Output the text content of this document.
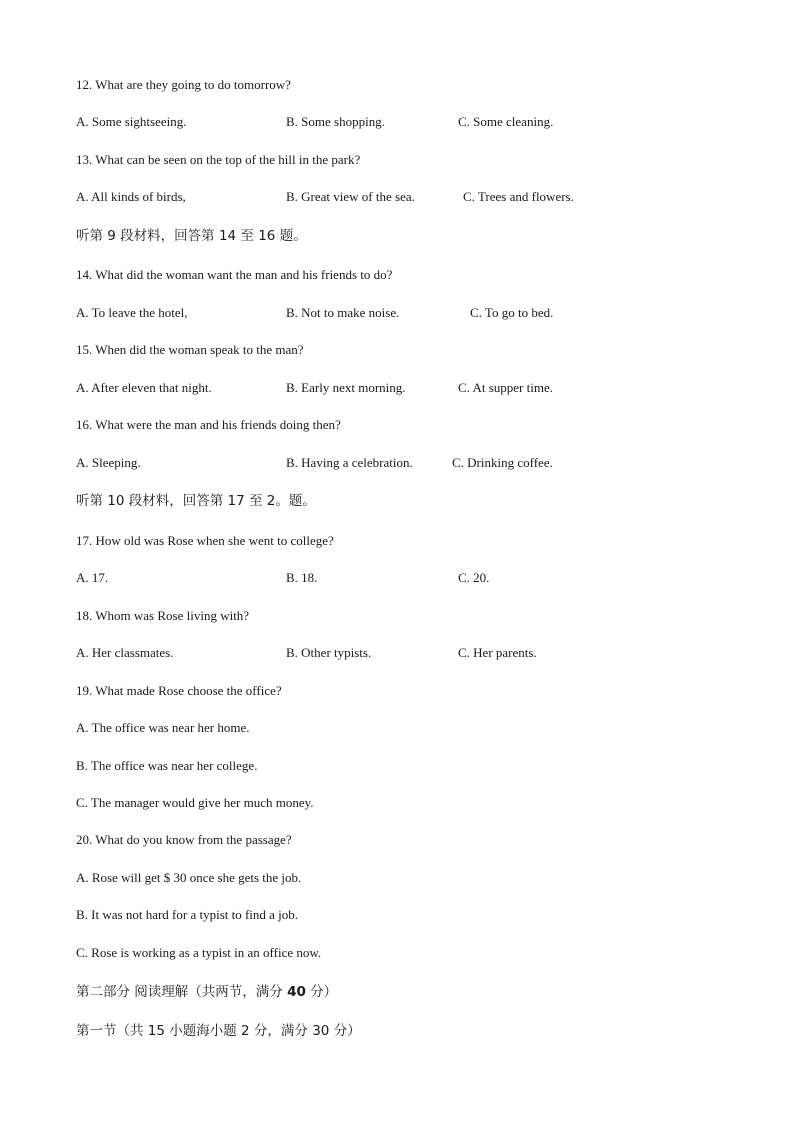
12. What are they going to do tomorrow?
A. Some sightseeing.	B. Some shopping.	C. Some cleaning.
13. What can be seen on the top of the hill in the park?
A. All kinds of birds,	B. Great view of the sea.	C. Trees and flowers.
听第 9 段材料，回答第 14 至 16 题。
14. What did the woman want the man and his friends to do?
A. To leave the hotel,	B. Not to make noise.	C. To go to bed.
15. When did the woman speak to the man?
A. After eleven that night.	B. Early next morning.	C. At supper time.
16. What were the man and his friends doing then?
A. Sleeping.	B. Having a celebration.	C. Drinking coffee.
听第 10 段材料，回答第 17 至 2。题。
17. How old was Rose when she went to college?
A. 17.	B. 18.	C. 20.
18. Whom was Rose living with?
A. Her classmates.	B. Other typists.	C. Her parents.
19. What made Rose choose the office?
A. The office was near her home.
B. The office was near her college.
C. The manager would give her much money.
20. What do you know from the passage?
A. Rose will get $ 30 once she gets the job.
B. It was not hard for a typist to find a job.
C. Rose is working as a typist in an office now.
第二部分 阅读理解（共两节，满分 40 分）
第一节（共 15 小题海小题 2 分，满分 30 分）
